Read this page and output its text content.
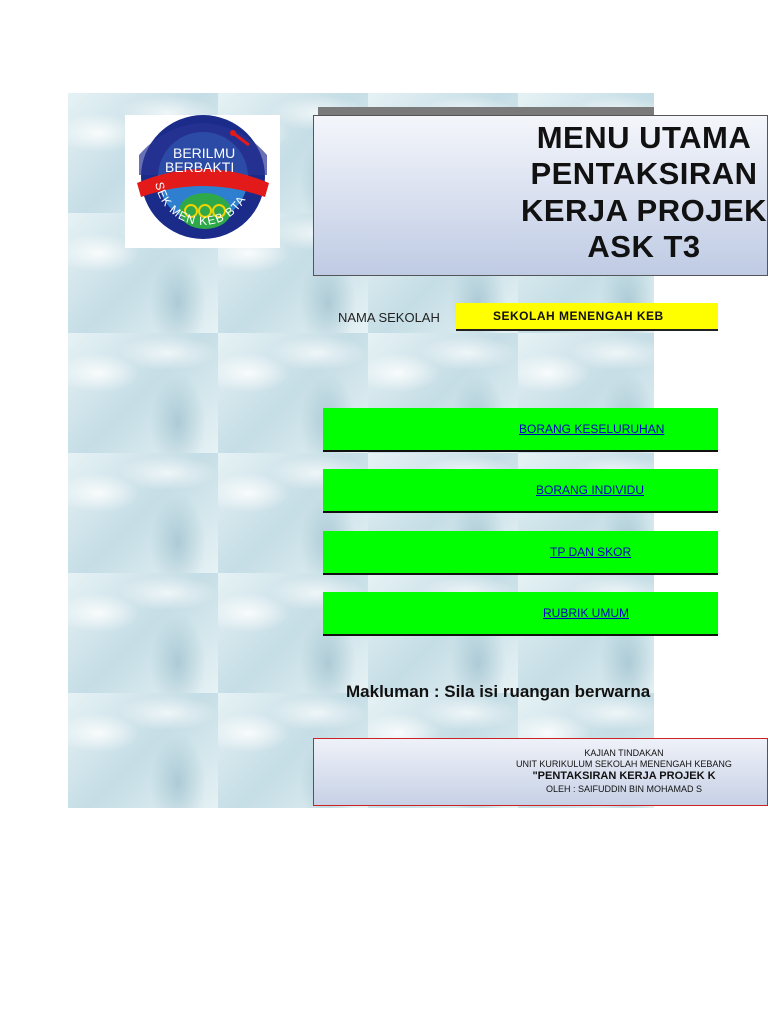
BERILMU
BERBAKTI
SEK MEN KEB BTA
MENU UTAMA
PENTAKSIRAN
KERJA PROJEK
ASK T3
NAMA SEKOLAH	SEKOLAH MENENGAH KEB
BORANG KESELURUHAN
BORANG INDIVIDU
TP DAN SKOR
RUBRIK UMUM
Makluman : Sila isi ruangan berwarna
KAJIAN TINDAKAN
UNIT KURIKULUM SEKOLAH MENENGAH KEBANG
"PENTAKSIRAN KERJA PROJEK K
OLEH : SAIFUDDIN BIN MOHAMAD S
